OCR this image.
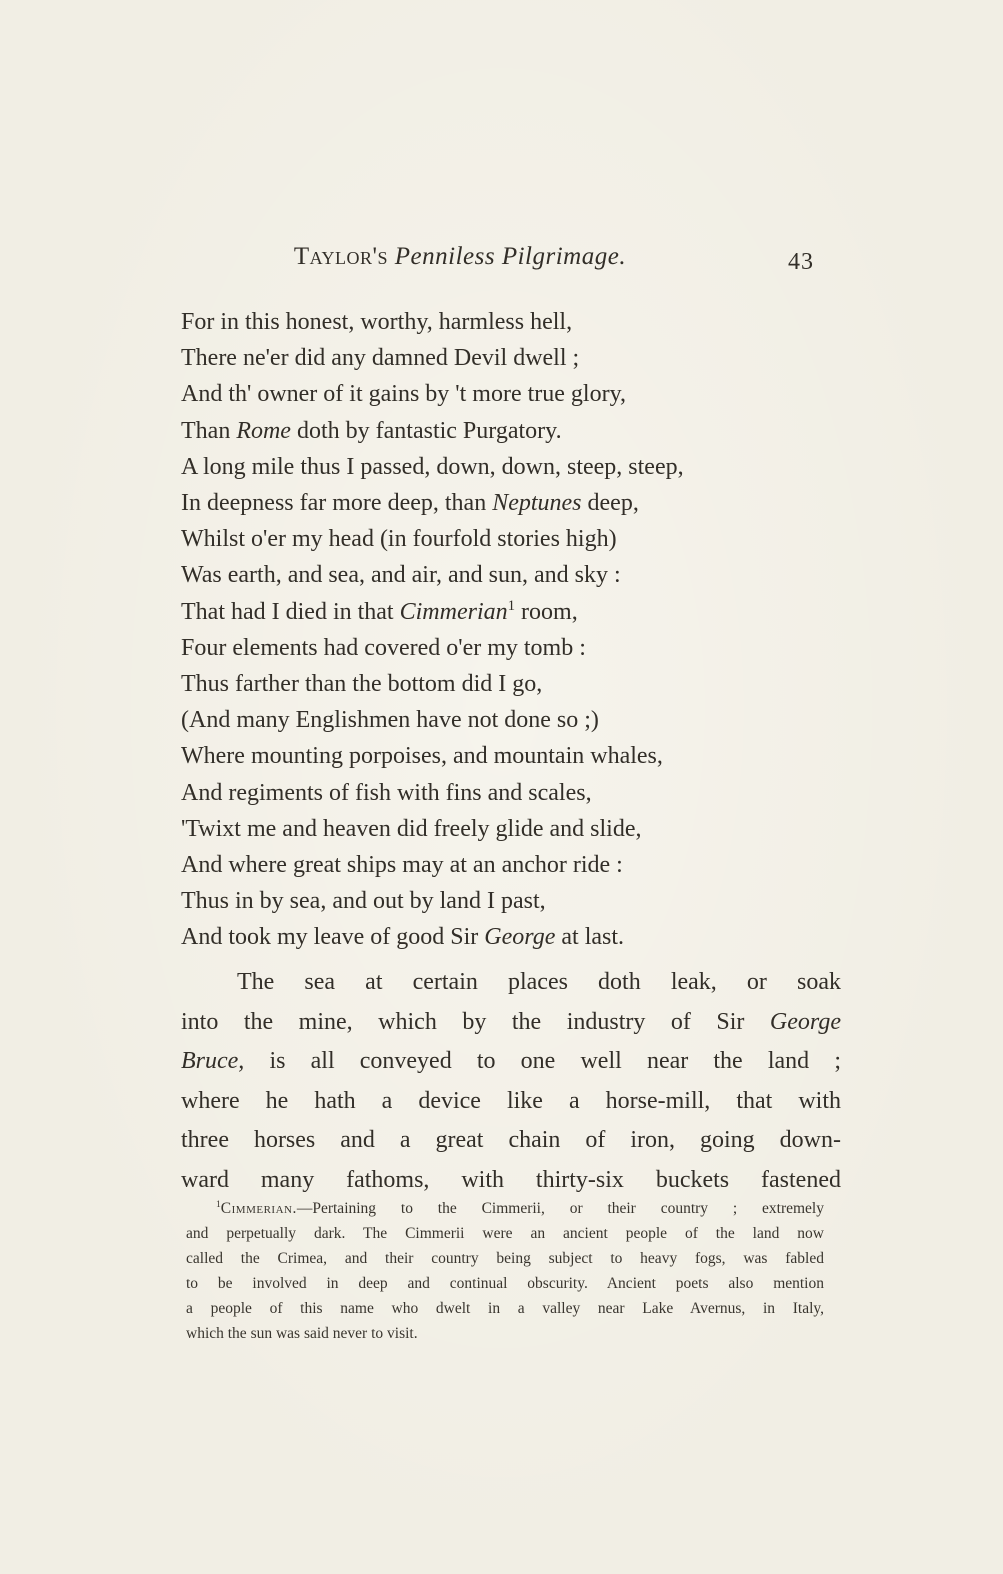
Taylor's Penniless Pilgrimage.	43
For in this honest, worthy, harmless hell,
There ne'er did any damned Devil dwell ;
And th' owner of it gains by 't more true glory,
Than Rome doth by fantastic Purgatory.
A long mile thus I passed, down, down, steep, steep,
In deepness far more deep, than Neptunes deep,
Whilst o'er my head (in fourfold stories high)
Was earth, and sea, and air, and sun, and sky :
That had I died in that Cimmerian$^1$ room,
Four elements had covered o'er my tomb :
Thus farther than the bottom did I go,
(And many Englishmen have not done so ;)
Where mounting porpoises, and mountain whales,
And regiments of fish with fins and scales,
'Twixt me and heaven did freely glide and slide,
And where great ships may at an anchor ride :
Thus in by sea, and out by land I past,
And took my leave of good Sir George at last.
The sea at certain places doth leak, or soak
into the mine, which by the industry of Sir George
Bruce, is all conveyed to one well near the land ;
where he hath a device like a horse-mill, that with
three horses and a great chain of iron, going down-
ward many fathoms, with thirty-six buckets fastened
$^1$Cimmerian.—Pertaining to the Cimmerii, or their country ; extremely
and perpetually dark. The Cimmerii were an ancient people of the land now
called the Crimea, and their country being subject to heavy fogs, was fabled
to be involved in deep and continual obscurity. Ancient poets also mention
a people of this name who dwelt in a valley near Lake Avernus, in Italy,
which the sun was said never to visit.
